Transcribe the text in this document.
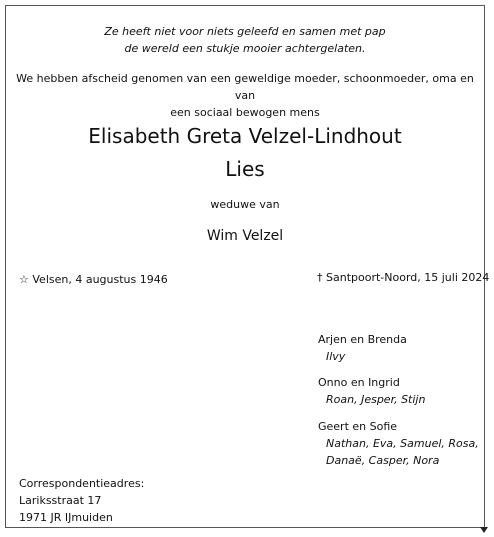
Ze heeft niet voor niets geleefd en samen met pap
de wereld een stukje mooier achtergelaten.
We hebben afscheid genomen van een geweldige moeder, schoonmoeder, oma en van
een sociaal bewogen mens
Elisabeth Greta Velzel-Lindhout
Lies
weduwe van
Wim Velzel
☆ Velsen, 4 augustus 1946	† Santpoort-Noord, 15 juli 2024
Arjen en Brenda
Ilvy
Onno en Ingrid
Roan, Jesper, Stijn
Geert en Sofie
Nathan, Eva, Samuel, Rosa,
Danaë, Casper, Nora
Correspondentieadres:
Lariksstraat 17
1971 JR IJmuiden
